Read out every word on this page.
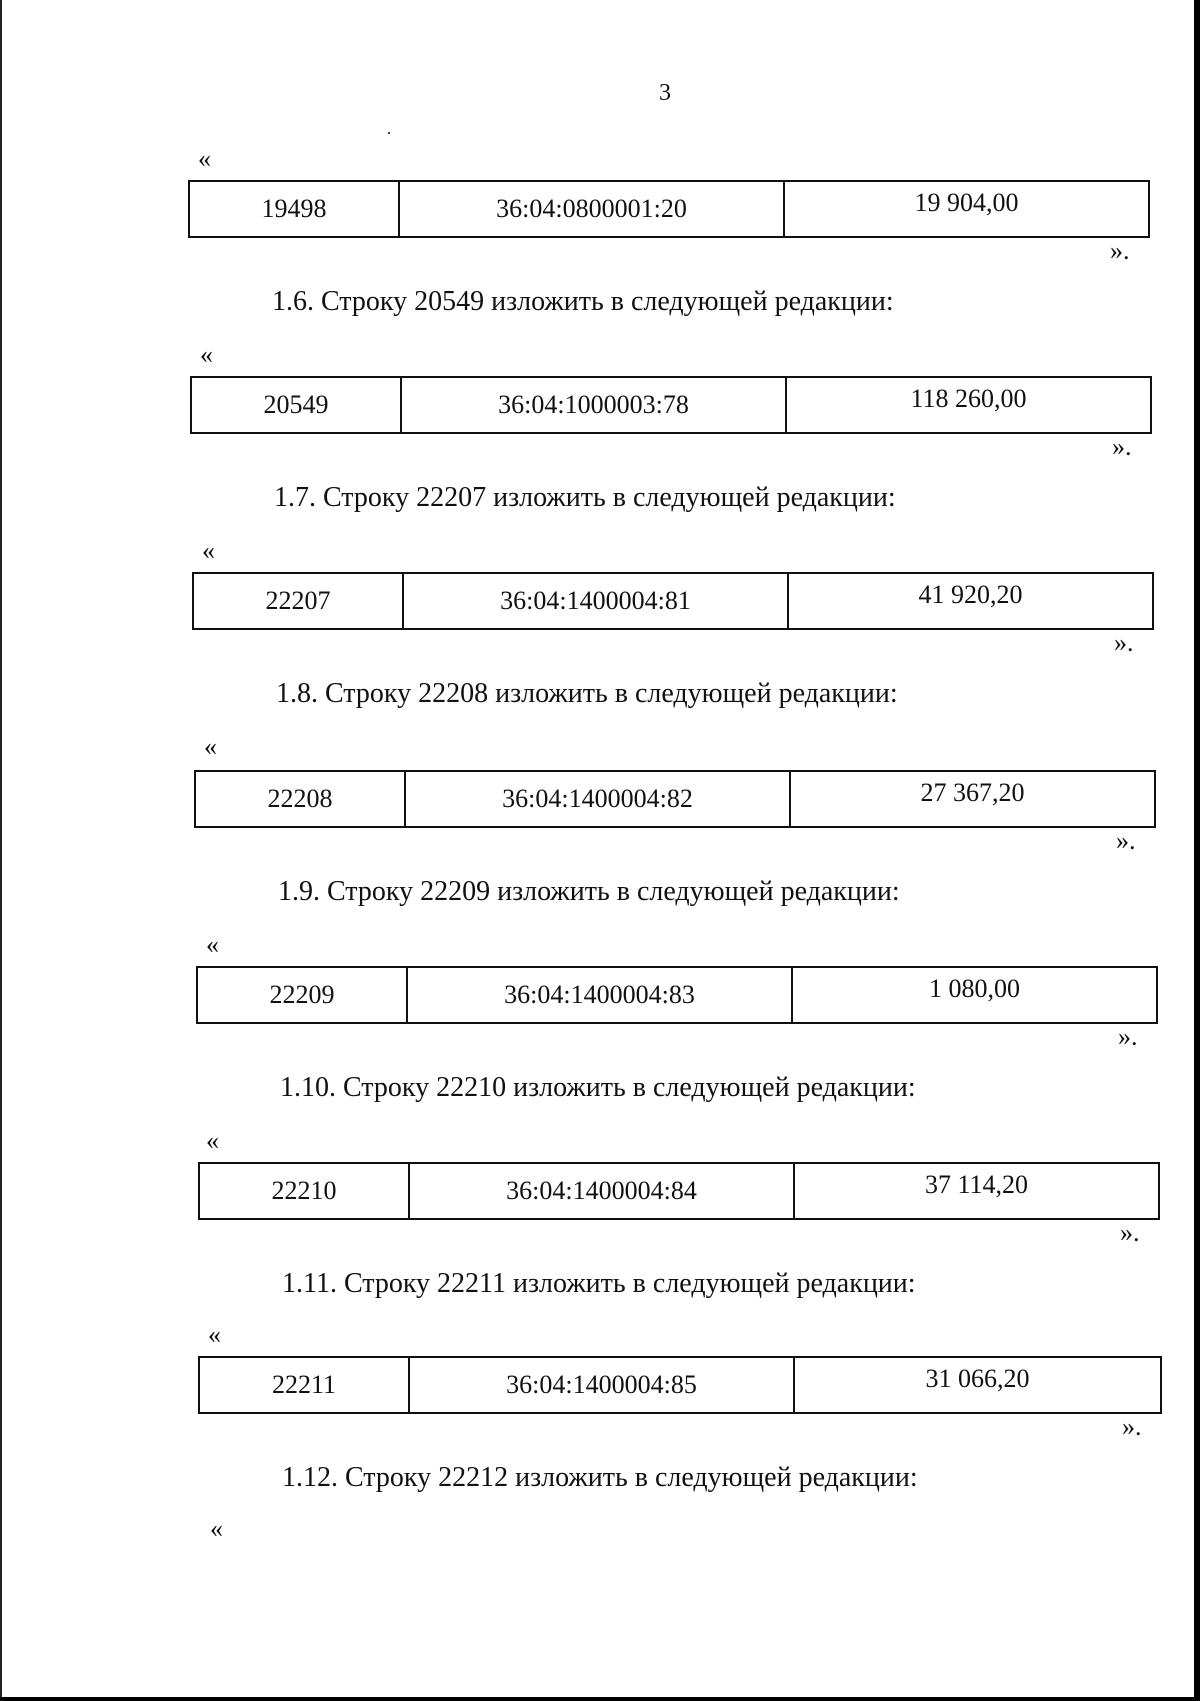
3
«
19498	36:04:0800001:20	19 904,00
».
1.6. Строку 20549 изложить в следующей редакции:
«
20549	36:04:1000003:78	118 260,00
».
1.7. Строку 22207 изложить в следующей редакции:
«
22207	36:04:1400004:81	41 920,20
».
1.8. Строку 22208 изложить в следующей редакции:
«
22208	36:04:1400004:82	27 367,20
».
1.9. Строку 22209 изложить в следующей редакции:
«
22209	36:04:1400004:83	1 080,00
».
1.10. Строку 22210 изложить в следующей редакции:
«
22210	36:04:1400004:84	37 114,20
».
1.11. Строку 22211 изложить в следующей редакции:
«
22211	36:04:1400004:85	31 066,20
».
1.12. Строку 22212 изложить в следующей редакции:
«
